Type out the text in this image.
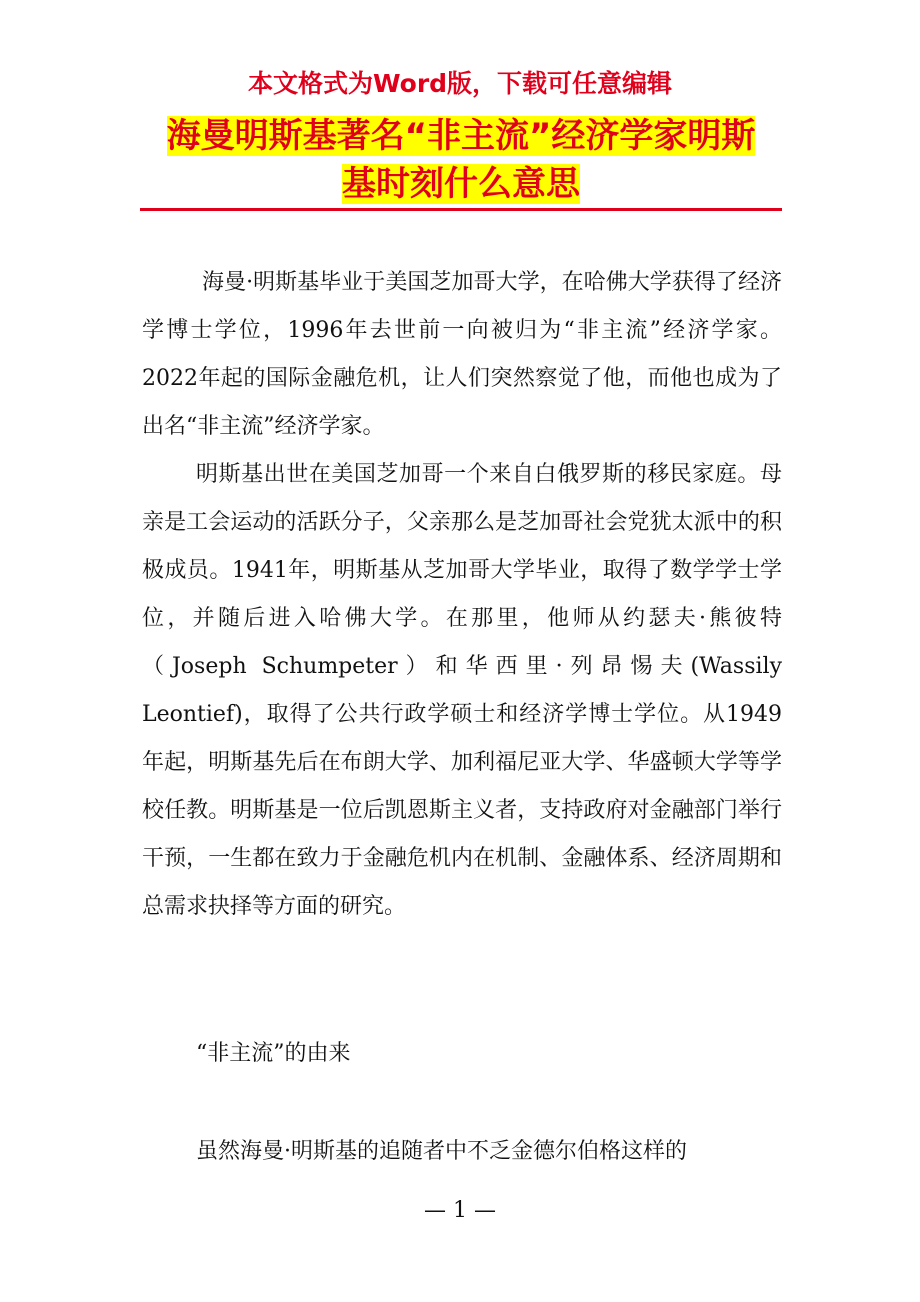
本文格式为Word版，下载可任意编辑
海曼明斯基著名“非主流”经济学家明斯
基时刻什么意思

海曼·明斯基毕业于美国芝加哥大学，在哈佛大学获得了经济学博士学位，1996年去世前一向被归为“非主流”经济学家。2022年起的国际金融危机，让人们突然察觉了他，而他也成为了出名“非主流”经济学家。

明斯基出世在美国芝加哥一个来自白俄罗斯的移民家庭。母亲是工会运动的活跃分子，父亲那么是芝加哥社会党犹太派中的积极成员。1941年，明斯基从芝加哥大学毕业，取得了数学学士学位，并随后进入哈佛大学。在那里，他师从约瑟夫·熊彼特（Joseph Schumpeter）和华西里·列昂惕夫(Wassily Leontief)，取得了公共行政学硕士和经济学博士学位。从1949年起，明斯基先后在布朗大学、加利福尼亚大学、华盛顿大学等学校任教。明斯基是一位后凯恩斯主义者，支持政府对金融部门举行干预，一生都在致力于金融危机内在机制、金融体系、经济周期和总需求抉择等方面的研究。

“非主流”的由来

虽然海曼·明斯基的追随者中不乏金德尔伯格这样的

— 1 —
